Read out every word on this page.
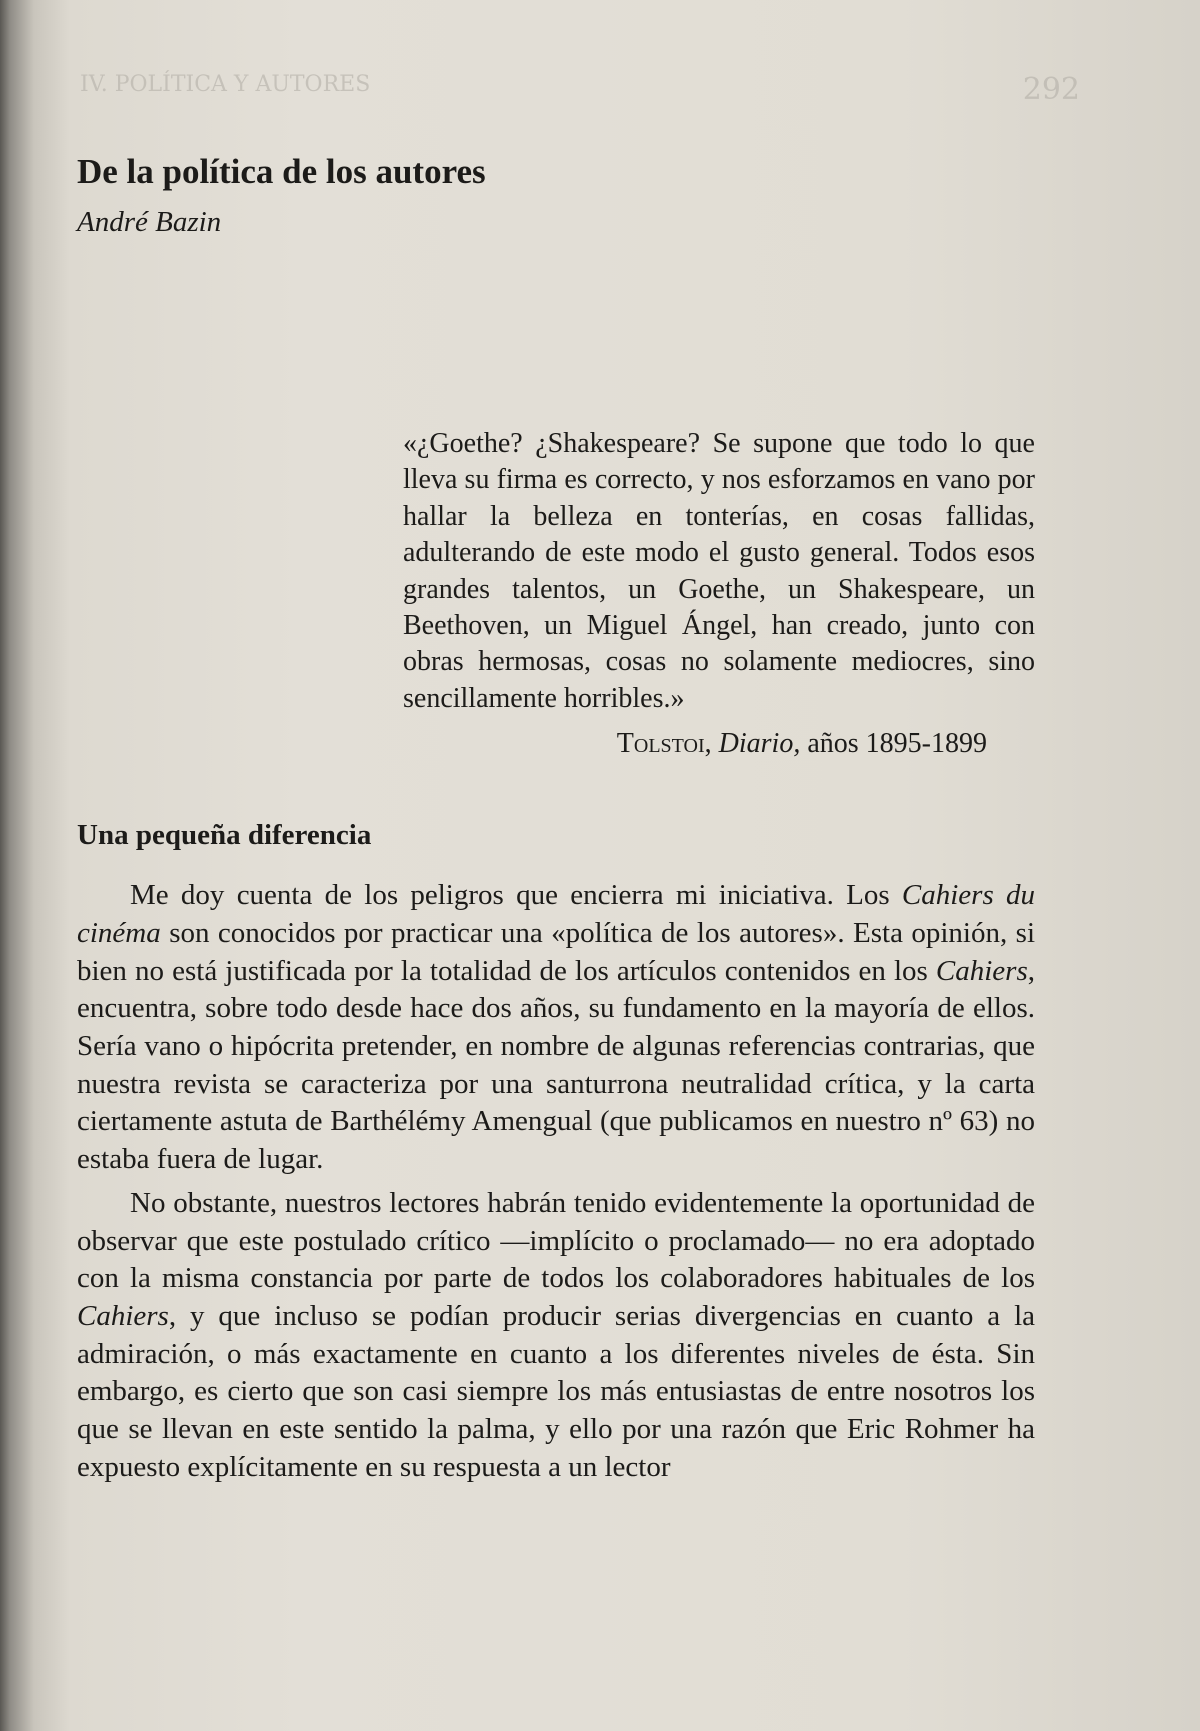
IV. POLÍTICA Y AUTORES	292
De la política de los autores
André Bazin
«¿Goethe? ¿Shakespeare? Se supone que todo lo que lleva su firma es correcto, y nos esforzamos en vano por hallar la belleza en tonterías, en cosas fallidas, adulterando de este modo el gusto general. Todos esos grandes talentos, un Goethe, un Shakespeare, un Beethoven, un Miguel Ángel, han creado, junto con obras hermosas, cosas no solamente mediocres, sino sencillamente horribles.»
Tolstoi, Diario, años 1895-1899
Una pequeña diferencia

Me doy cuenta de los peligros que encierra mi iniciativa. Los Cahiers du cinéma son conocidos por practicar una «política de los autores». Esta opinión, si bien no está justificada por la totalidad de los artículos contenidos en los Cahiers, encuentra, sobre todo desde hace dos años, su fundamento en la mayoría de ellos. Sería vano o hipócrita pretender, en nombre de algunas referencias contrarias, que nuestra revista se caracteriza por una santurrona neutralidad crítica, y la carta ciertamente astuta de Barthélémy Amengual (que publicamos en nuestro nº 63) no estaba fuera de lugar.

No obstante, nuestros lectores habrán tenido evidentemente la oportunidad de observar que este postulado crítico —implícito o proclamado— no era adoptado con la misma constancia por parte de todos los colaboradores habituales de los Cahiers, y que incluso se podían producir serias divergencias en cuanto a la admiración, o más exactamente en cuanto a los diferentes niveles de ésta. Sin embargo, es cierto que son casi siempre los más entusiastas de entre nosotros los que se llevan en este sentido la palma, y ello por una razón que Eric Rohmer ha expuesto explícitamente en su respuesta a un lector
